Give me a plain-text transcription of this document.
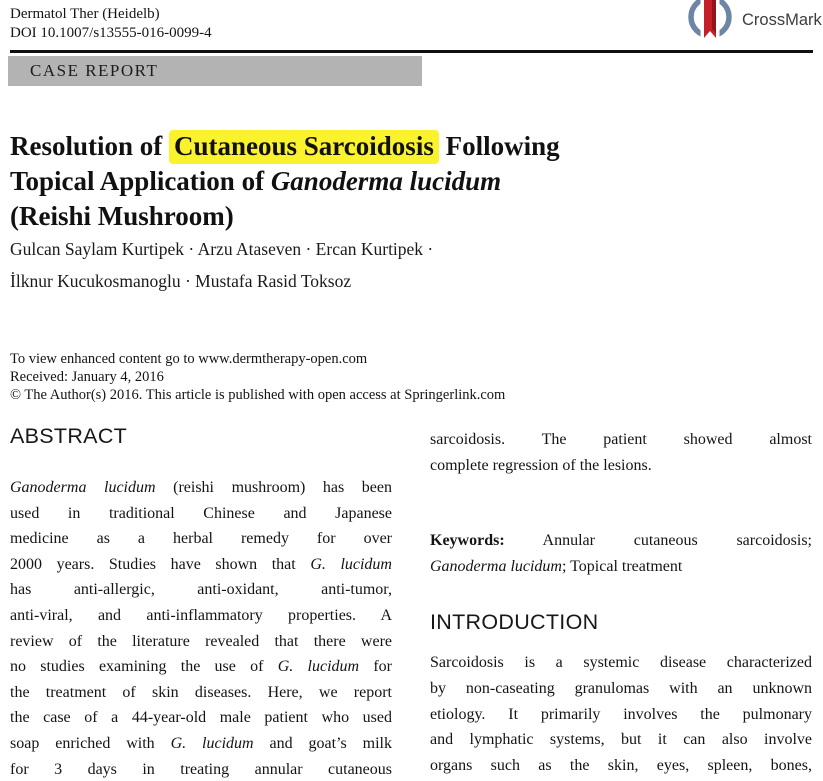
Dermatol Ther (Heidelb)
DOI 10.1007/s13555-016-0099-4
CrossMark
CASE REPORT
Resolution of Cutaneous Sarcoidosis Following
Topical Application of Ganoderma lucidum
(Reishi Mushroom)
Gulcan Saylam Kurtipek · Arzu Ataseven · Ercan Kurtipek ·
İlknur Kucukosmanoglu · Mustafa Rasid Toksoz
To view enhanced content go to www.dermtherapy-open.com
Received: January 4, 2016
© The Author(s) 2016. This article is published with open access at Springerlink.com
ABSTRACT
Ganoderma lucidum (reishi mushroom) has been
used in traditional Chinese and Japanese
medicine as a herbal remedy for over
2000 years. Studies have shown that G. lucidum
has anti-allergic, anti-oxidant, anti-tumor,
anti-viral, and anti-inflammatory properties. A
review of the literature revealed that there were
no studies examining the use of G. lucidum for
the treatment of skin diseases. Here, we report
the case of a 44-year-old male patient who used
soap enriched with G. lucidum and goat’s milk
for 3 days in treating annular cutaneous
sarcoidosis. The patient showed almost
complete regression of the lesions.
Keywords: Annular cutaneous sarcoidosis;
Ganoderma lucidum; Topical treatment
INTRODUCTION
Sarcoidosis is a systemic disease characterized
by non-caseating granulomas with an unknown
etiology. It primarily involves the pulmonary
and lymphatic systems, but it can also involve
organs such as the skin, eyes, spleen, bones,
